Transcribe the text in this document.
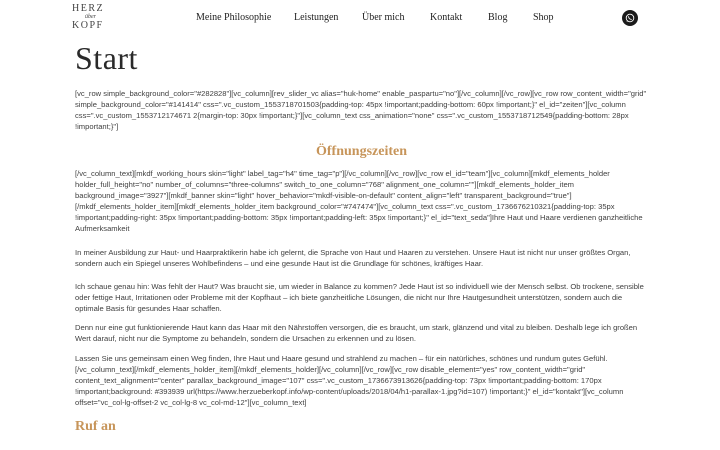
HERZ
über
KOPF
Meine Philosophie Leistungen Über mich	Kontakt	Blog	Shop
Start

[vc_row simple_background_color="#282828"][vc_column][rev_slider_vc alias="huk-home" enable_paspartu="no"][/vc_column][/vc_row][vc_row row_content_width="grid" simple_background_color="#141414" css=".vc_custom_1553718701503{padding-top: 45px !important;padding-bottom: 60px !important;}" el_id="zeiten"][vc_column css=".vc_custom_1553712174671 2{margin-top: 30px !important;}"][vc_column_text css_animation="none" css=".vc_custom_1553718712549{padding-bottom: 28px !important;}"]

Öffnungszeiten

[/vc_column_text][mkdf_working_hours skin="light" label_tag="h4" time_tag="p"][/vc_column][/vc_row][vc_row el_id="team"][vc_column][mkdf_elements_holder holder_full_height="no" number_of_columns="three-columns" switch_to_one_column="768" alignment_one_column=""][mkdf_elements_holder_item background_image="3927"][mkdf_banner skin="light" hover_behavior="mkdf-visible-on-default" content_align="left" transparent_background="true"][/mkdf_elements_holder_item][mkdf_elements_holder_item background_color="#747474"][vc_column_text css=".vc_custom_1736676210321{padding-top: 35px !important;padding-right: 35px !important;padding-bottom: 35px !important;padding-left: 35px !important;}" el_id="text_seda"]Ihre Haut und Haare verdienen ganzheitliche Aufmerksamkeit

In meiner Ausbildung zur Haut- und Haarpraktikerin habe ich gelernt, die Sprache von Haut und Haaren zu verstehen. Unsere Haut ist nicht nur unser größtes Organ, sondern auch ein Spiegel unseres Wohlbefindens – und eine gesunde Haut ist die Grundlage für schönes, kräftiges Haar.

Ich schaue genau hin: Was fehlt der Haut? Was braucht sie, um wieder in Balance zu kommen? Jede Haut ist so individuell wie der Mensch selbst. Ob trockene, sensible oder fettige Haut, Irritationen oder Probleme mit der Kopfhaut – ich biete ganzheitliche Lösungen, die nicht nur Ihre Hautgesundheit unterstützen, sondern auch die optimale Basis für gesundes Haar schaffen.

Denn nur eine gut funktionierende Haut kann das Haar mit den Nährstoffen versorgen, die es braucht, um stark, glänzend und vital zu bleiben. Deshalb lege ich großen Wert darauf, nicht nur die Symptome zu behandeln, sondern die Ursachen zu erkennen und zu lösen.

Lassen Sie uns gemeinsam einen Weg finden, Ihre Haut und Haare gesund und strahlend zu machen – für ein natürliches, schönes und rundum gutes Gefühl.[/vc_column_text][/mkdf_elements_holder_item][/mkdf_elements_holder][/vc_column][/vc_row][vc_row disable_element="yes" row_content_width="grid" content_text_alignment="center" parallax_background_image="107" css=".vc_custom_1736673913626{padding-top: 73px !important;padding-bottom: 170px !important;background: #393939 url(https://www.herzueberkopf.info/wp-content/uploads/2018/04/h1-parallax-1.jpg?id=107) !important;}" el_id="kontakt"][vc_column offset="vc_col-lg-offset-2 vc_col-lg-8 vc_col-md-12"][vc_column_text]

Ruf an
